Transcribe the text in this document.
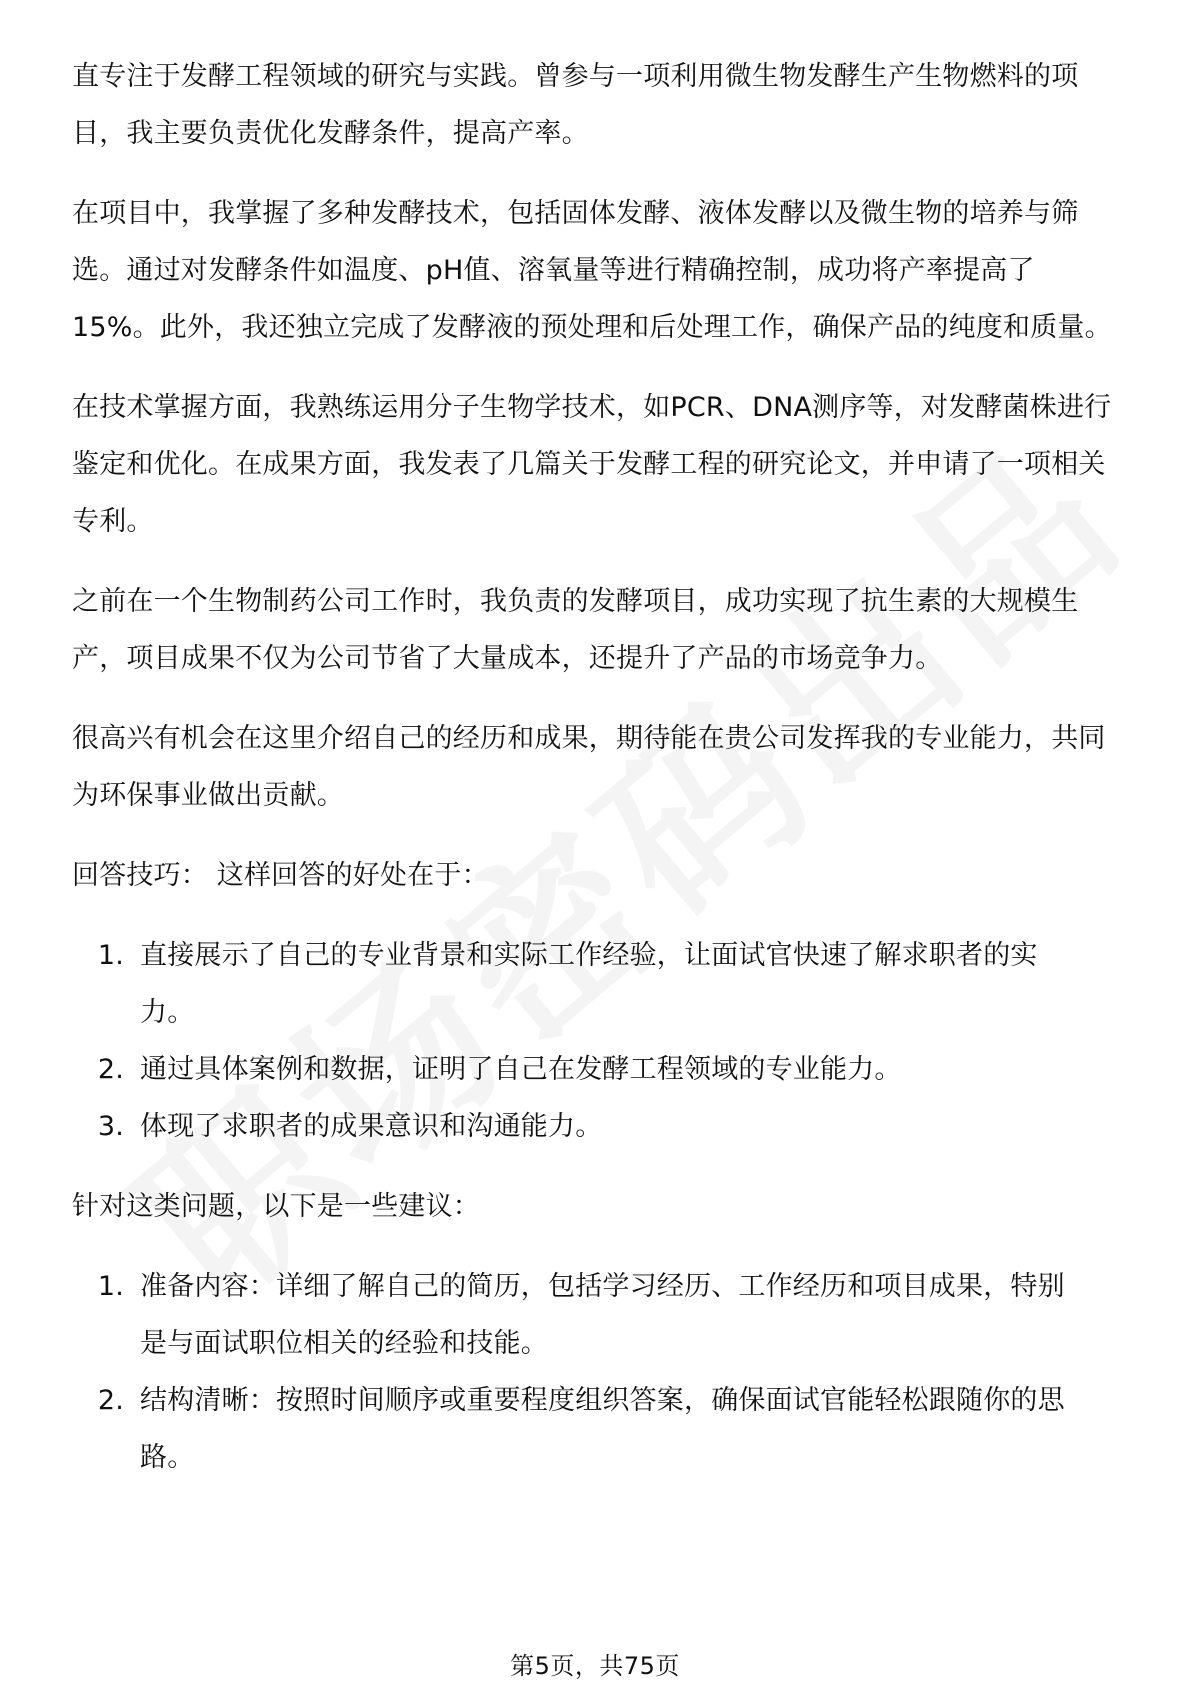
直专注于发酵工程领域的研究与实践。曾参与一项利用微生物发酵生产生物燃料的项目，我主要负责优化发酵条件，提高产率。

在项目中，我掌握了多种发酵技术，包括固体发酵、液体发酵以及微生物的培养与筛选。通过对发酵条件如温度、pH值、溶氧量等进行精确控制，成功将产率提高了15%。此外，我还独立完成了发酵液的预处理和后处理工作，确保产品的纯度和质量。

在技术掌握方面，我熟练运用分子生物学技术，如PCR、DNA测序等，对发酵菌株进行鉴定和优化。在成果方面，我发表了几篇关于发酵工程的研究论文，并申请了一项相关专利。

之前在一个生物制药公司工作时，我负责的发酵项目，成功实现了抗生素的大规模生产，项目成果不仅为公司节省了大量成本，还提升了产品的市场竞争力。

很高兴有机会在这里介绍自己的经历和成果，期待能在贵公司发挥我的专业能力，共同为环保事业做出贡献。

回答技巧： 这样回答的好处在于：

1. 直接展示了自己的专业背景和实际工作经验，让面试官快速了解求职者的实力。
2. 通过具体案例和数据，证明了自己在发酵工程领域的专业能力。
3. 体现了求职者的成果意识和沟通能力。

针对这类问题，以下是一些建议：

1. 准备内容：详细了解自己的简历，包括学习经历、工作经历和项目成果，特别是与面试职位相关的经验和技能。
2. 结构清晰：按照时间顺序或重要程度组织答案，确保面试官能轻松跟随你的思路。
第5页，共75页
